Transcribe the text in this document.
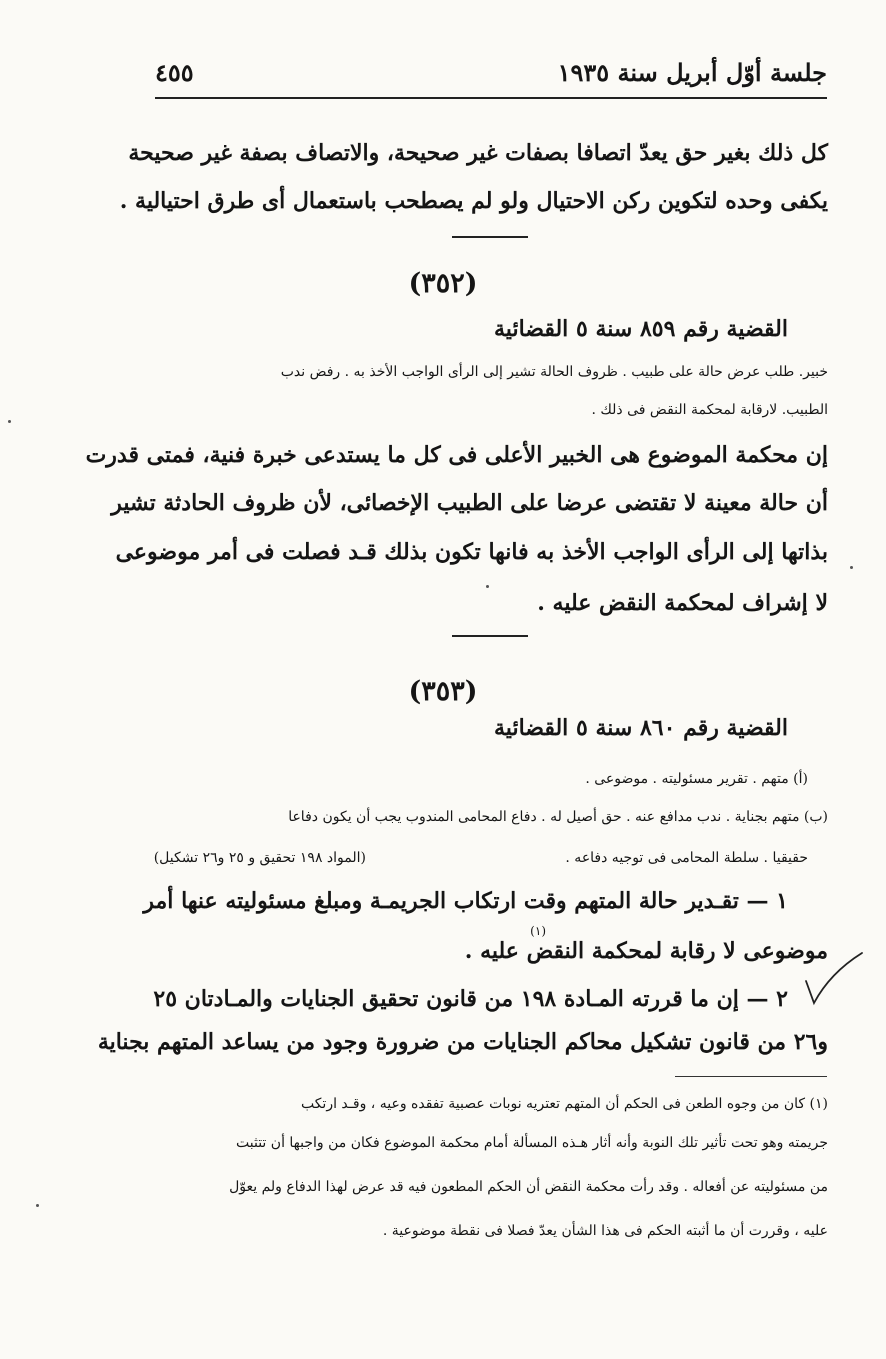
جلسة أوّل أبريل سنة ١٩٣٥
٤٥٥
كل ذلك بغير حق يعدّ اتصافا بصفات غير صحيحة، والاتصاف بصفة غير صحيحة
يكفى وحده لتكوين ركن الاحتيال ولو لم يصطحب باستعمال أى طرق احتيالية .
(٣٥٢)
القضية رقم ٨٥٩ سنة ٥ القضائية
خبير. طلب عرض حالة على طبيب . ظروف الحالة تشير إلى الرأى الواجب الأخذ به . رفض ندب
الطبيب. لارقابة لمحكمة النقض فى ذلك .
إن محكمة الموضوع هى الخبير الأعلى فى كل ما يستدعى خبرة فنية، فمتى قدرت
أن حالة معينة لا تقتضى عرضا على الطبيب الإخصائى، لأن ظروف الحادثة تشير
بذاتها إلى الرأى الواجب الأخذ به فانها تكون بذلك قـد فصلت فى أمر موضوعى
لا إشراف لمحكمة النقض عليه .
(٣٥٣)
القضية رقم ٨٦٠ سنة ٥ القضائية
(أ) متهم . تقرير مسئوليته . موضوعى .
(ب) متهم بجناية . ندب مدافع عنه . حق أصيل له . دفاع المحامى المندوب يجب أن يكون دفاعا
حقيقيا . سلطة المحامى فى توجيه دفاعه .
(المواد ١٩٨ تحقيق و ٢٥ و٢٦ تشكيل)
١ — تقـدير حالة المتهم وقت ارتكاب الجريمـة ومبلغ مسئوليته عنها أمر
موضوعى لا رقابة لمحكمة النقض عليه .
(١)
٢ — إن ما قررته المـادة ١٩٨ من قانون تحقيق الجنايات والمـادتان ٢٥
و٢٦ من قانون تشكيل محاكم الجنايات من ضرورة وجود من يساعد المتهم بجناية
(١) كان من وجوه الطعن فى الحكم أن المتهم تعتريه نوبات عصبية تفقده وعيه ، وقـد ارتكب
جريمته وهو تحت تأثير تلك النوبة وأنه أثار هـذه المسألة أمام محكمة الموضوع فكان من واجبها أن تتثبت
من مسئوليته عن أفعاله . وقد رأت محكمة النقض أن الحكم المطعون فيه قد عرض لهذا الدفاع ولم يعوّل
عليه ، وقررت أن ما أثبته الحكم فى هذا الشأن يعدّ فصلا فى نقطة موضوعية .
